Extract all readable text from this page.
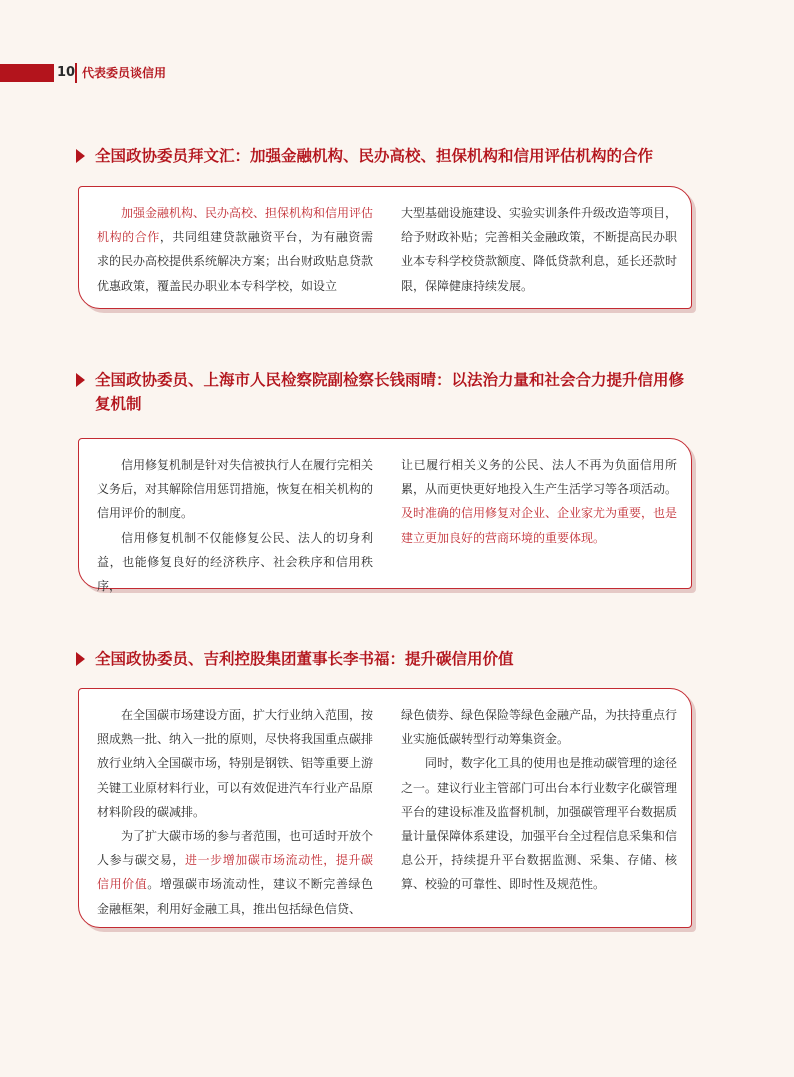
10 代表委员谈信用
全国政协委员拜文汇：加强金融机构、民办高校、担保机构和信用评估机构的合作

加强金融机构、民办高校、担保机构和信用评估机构的合作，共同组建贷款融资平台，为有融资需求的民办高校提供系统解决方案；出台财政贴息贷款优惠政策，覆盖民办职业本专科学校，如设立

大型基础设施建设、实验实训条件升级改造等项目，给予财政补贴；完善相关金融政策，不断提高民办职业本专科学校贷款额度、降低贷款利息，延长还款时限，保障健康持续发展。

全国政协委员、上海市人民检察院副检察长钱雨晴：以法治力量和社会合力提升信用修复机制

信用修复机制是针对失信被执行人在履行完相关义务后，对其解除信用惩罚措施，恢复在相关机构的信用评价的制度。

信用修复机制不仅能修复公民、法人的切身利益，也能修复良好的经济秩序、社会秩序和信用秩序，

让已履行相关义务的公民、法人不再为负面信用所累，从而更快更好地投入生产生活学习等各项活动。

及时准确的信用修复对企业、企业家尤为重要，也是建立更加良好的营商环境的重要体现。

全国政协委员、吉利控股集团董事长李书福：提升碳信用价值

在全国碳市场建设方面，扩大行业纳入范围，按照成熟一批、纳入一批的原则，尽快将我国重点碳排放行业纳入全国碳市场，特别是钢铁、铝等重要上游关键工业原材料行业，可以有效促进汽车行业产品原材料阶段的碳减排。

为了扩大碳市场的参与者范围，也可适时开放个人参与碳交易，进一步增加碳市场流动性，提升碳信用价值。增强碳市场流动性，建议不断完善绿色金融框架，利用好金融工具，推出包括绿色信贷、

绿色债券、绿色保险等绿色金融产品，为扶持重点行业实施低碳转型行动筹集资金。

同时，数字化工具的使用也是推动碳管理的途径之一。建议行业主管部门可出台本行业数字化碳管理平台的建设标准及监督机制，加强碳管理平台数据质量计量保障体系建设，加强平台全过程信息采集和信息公开，持续提升平台数据监测、采集、存储、核算、校验的可靠性、即时性及规范性。
